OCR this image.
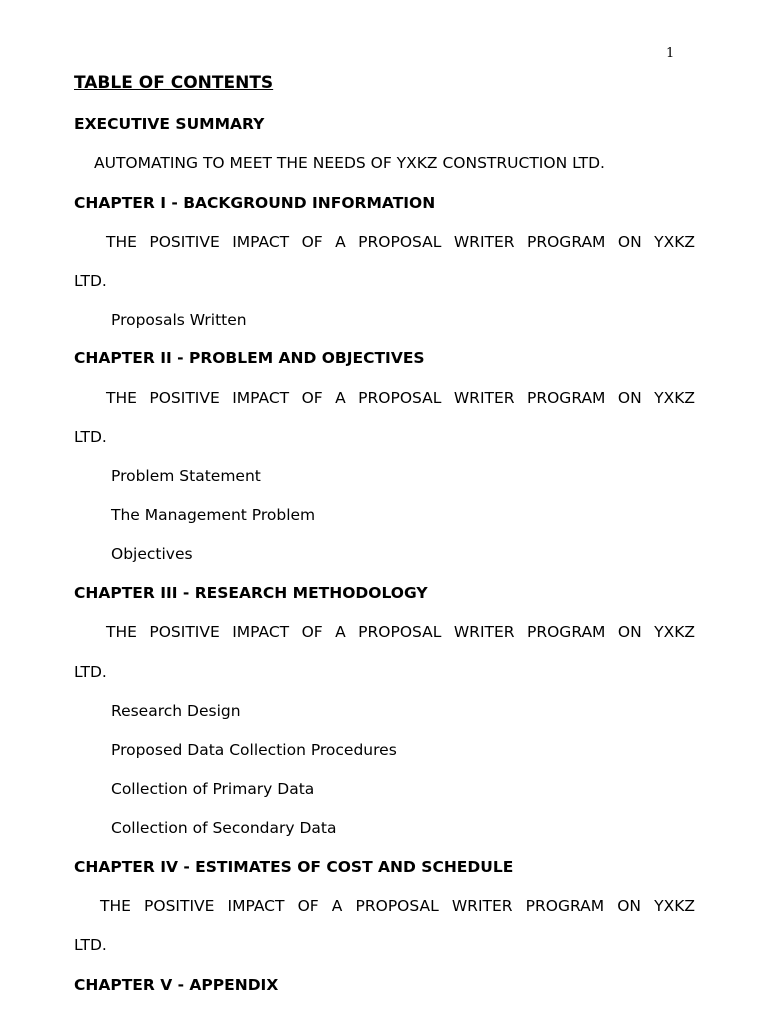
1
TABLE OF CONTENTS
EXECUTIVE SUMMARY
AUTOMATING TO MEET THE NEEDS OF YXKZ CONSTRUCTION LTD.
CHAPTER I - BACKGROUND INFORMATION
THE POSITIVE IMPACT OF A PROPOSAL WRITER PROGRAM ON YXKZ
LTD.
Proposals Written
CHAPTER II - PROBLEM AND OBJECTIVES
THE POSITIVE IMPACT OF A PROPOSAL WRITER PROGRAM ON YXKZ
LTD.
Problem Statement
The Management Problem
Objectives
CHAPTER III - RESEARCH METHODOLOGY
THE POSITIVE IMPACT OF A PROPOSAL WRITER PROGRAM ON YXKZ
LTD.
Research Design
Proposed Data Collection Procedures
Collection of Primary Data
Collection of Secondary Data
CHAPTER IV - ESTIMATES OF COST AND SCHEDULE
THE POSITIVE IMPACT OF A PROPOSAL WRITER PROGRAM ON YXKZ
LTD.
CHAPTER V - APPENDIX
